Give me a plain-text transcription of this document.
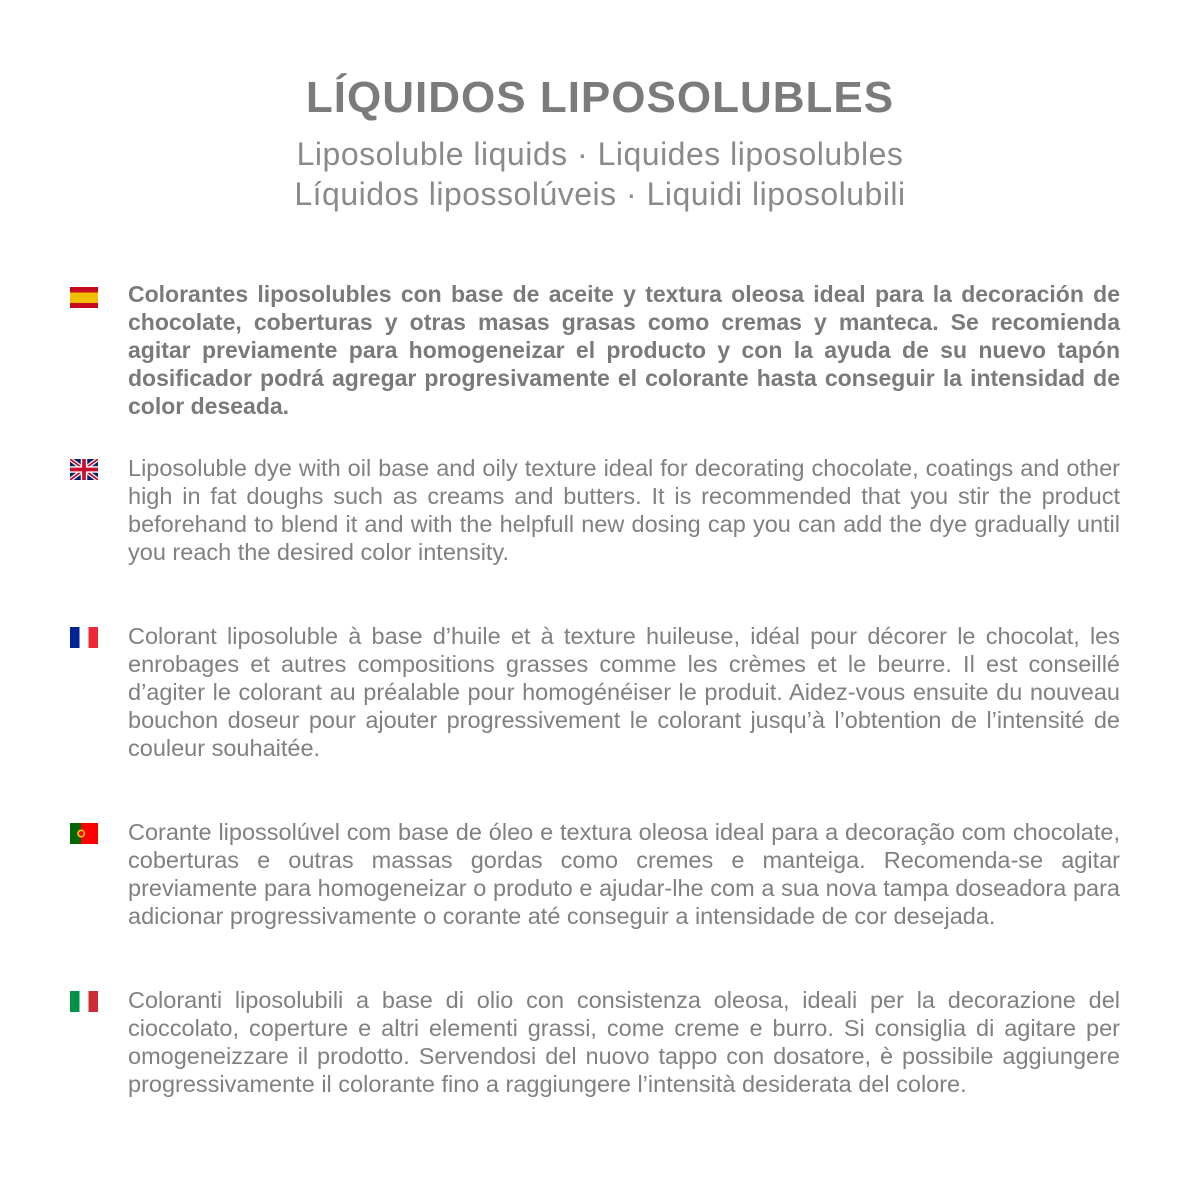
LÍQUIDOS LIPOSOLUBLES

Liposoluble liquids · Liquides liposolubles

Líquidos lipossolúveis · Liquidi liposolubili

Colorantes liposolubles con base de aceite y textura oleosa ideal para la decoración de chocolate, coberturas y otras masas grasas como cremas y manteca. Se recomienda agitar previamente para homogeneizar el producto y con la ayuda de su nuevo tapón dosificador podrá agregar progresivamente el colorante hasta conseguir la intensidad de color deseada.

Liposoluble dye with oil base and oily texture ideal for decorating chocolate, coatings and other high in fat doughs such as creams and butters. It is recommended that you stir the product beforehand to blend it and with the helpfull new dosing cap you can add the dye gradually until you reach the desired color intensity.

Colorant liposoluble à base d’huile et à texture huileuse, idéal pour décorer le chocolat, les enrobages et autres compositions grasses comme les crèmes et le beurre. Il est conseillé d’agiter le colorant au préalable pour homogénéiser le produit. Aidez-vous ensuite du nouveau bouchon doseur pour ajouter progressivement le colorant jusqu’à l’obtention de l’intensité de couleur souhaitée.

Corante lipossolúvel com base de óleo e textura oleosa ideal para a decoração com chocolate, coberturas e outras massas gordas como cremes e manteiga. Recomenda-se agitar previamente para homogeneizar o produto e ajudar-lhe com a sua nova tampa doseadora para adicionar progressivamente o corante até conseguir a intensidade de cor desejada.

Coloranti liposolubili a base di olio con consistenza oleosa, ideali per la decorazione del cioccolato, coperture e altri elementi grassi, come creme e burro. Si consiglia di agitare per omogeneizzare il prodotto. Servendosi del nuovo tappo con dosatore, è possibile aggiungere progressivamente il colorante fino a raggiungere l’intensità desiderata del colore.
